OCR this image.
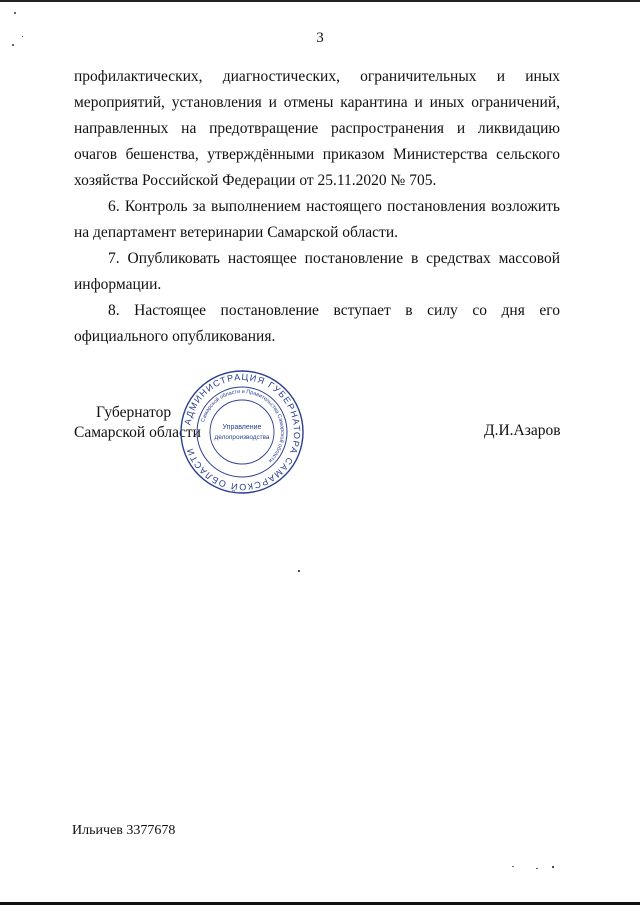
3

профилактических, диагностических, ограничительных и иных мероприятий, установления и отмены карантина и иных ограничений, направленных на предотвращение распространения и ликвидацию очагов бешенства, утверждёнными приказом Министерства сельского хозяйства Российской Федерации от 25.11.2020 № 705.

6. Контроль за выполнением настоящего постановления возложить на департамент ветеринарии Самарской области.

7. Опубликовать настоящее постановление в средствах массовой информации.

8. Настоящее постановление вступает в силу со дня его официального опубликования.

Губернатор
Самарской области
АДМИНИСТРАЦИЯ ГУБЕРНАТОРА САМАРСКОЙ ОБЛАСТИ
Самарской области и Правительства Самарской области
Управление
делопроизводства	Д.И.Азаров
Ильичев 3377678
